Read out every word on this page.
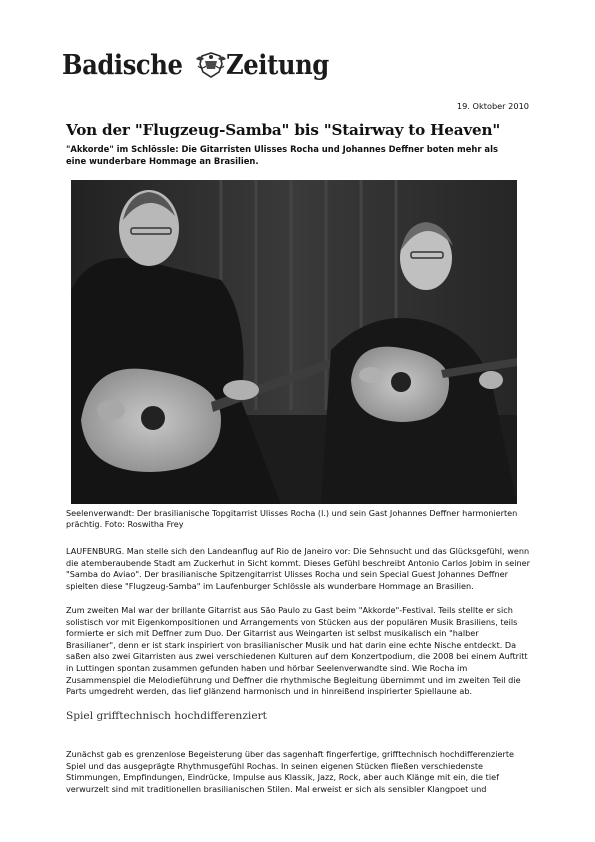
Badische Zeitung
19. Oktober 2010
Von der "Flugzeug-Samba" bis "Stairway to Heaven"

"Akkorde" im Schlössle: Die Gitarristen Ulisses Rocha und Johannes Deffner boten mehr als eine wunderbare Hommage an Brasilien.

Seelenverwandt: Der brasilianische Topgitarrist Ulisses Rocha (l.) und sein Gast Johannes Deffner harmonierten prächtig. Foto: Roswitha Frey

LAUFENBURG. Man stelle sich den Landeanflug auf Rio de Janeiro vor: Die Sehnsucht und das Glücksgefühl, wenn die atemberaubende Stadt am Zuckerhut in Sicht kommt. Dieses Gefühl beschreibt Antonio Carlos Jobim in seiner "Samba do Aviao". Der brasilianische Spitzengitarrist Ulisses Rocha und sein Special Guest Johannes Deffner spielten diese "Flugzeug-Samba" im Laufenburger Schlössle als wunderbare Hommage an Brasilien.

Zum zweiten Mal war der brillante Gitarrist aus São Paulo zu Gast beim "Akkorde"-Festival. Teils stellte er sich solistisch vor mit Eigenkompositionen und Arrangements von Stücken aus der populären Musik Brasiliens, teils formierte er sich mit Deffner zum Duo. Der Gitarrist aus Weingarten ist selbst musikalisch ein "halber Brasilianer", denn er ist stark inspiriert von brasilianischer Musik und hat darin eine echte Nische entdeckt. Da saßen also zwei Gitarristen aus zwei verschiedenen Kulturen auf dem Konzertpodium, die 2008 bei einem Auftritt in Luttingen spontan zusammen gefunden haben und hörbar Seelenverwandte sind. Wie Rocha im Zusammenspiel die Melodieführung und Deffner die rhythmische Begleitung übernimmt und im zweiten Teil die Parts umgedreht werden, das lief glänzend harmonisch und in hinreißend inspirierter Spiellaune ab.

Spiel grifftechnisch hochdifferenziert

Zunächst gab es grenzenlose Begeisterung über das sagenhaft fingerfertige, grifftechnisch hochdifferenzierte Spiel und das ausgeprägte Rhythmusgefühl Rochas. In seinen eigenen Stücken fließen verschiedenste Stimmungen, Empfindungen, Eindrücke, Impulse aus Klassik, Jazz, Rock, aber auch Klänge mit ein, die tief verwurzelt sind mit traditionellen brasilianischen Stilen. Mal erweist er sich als sensibler Klangpoet und
